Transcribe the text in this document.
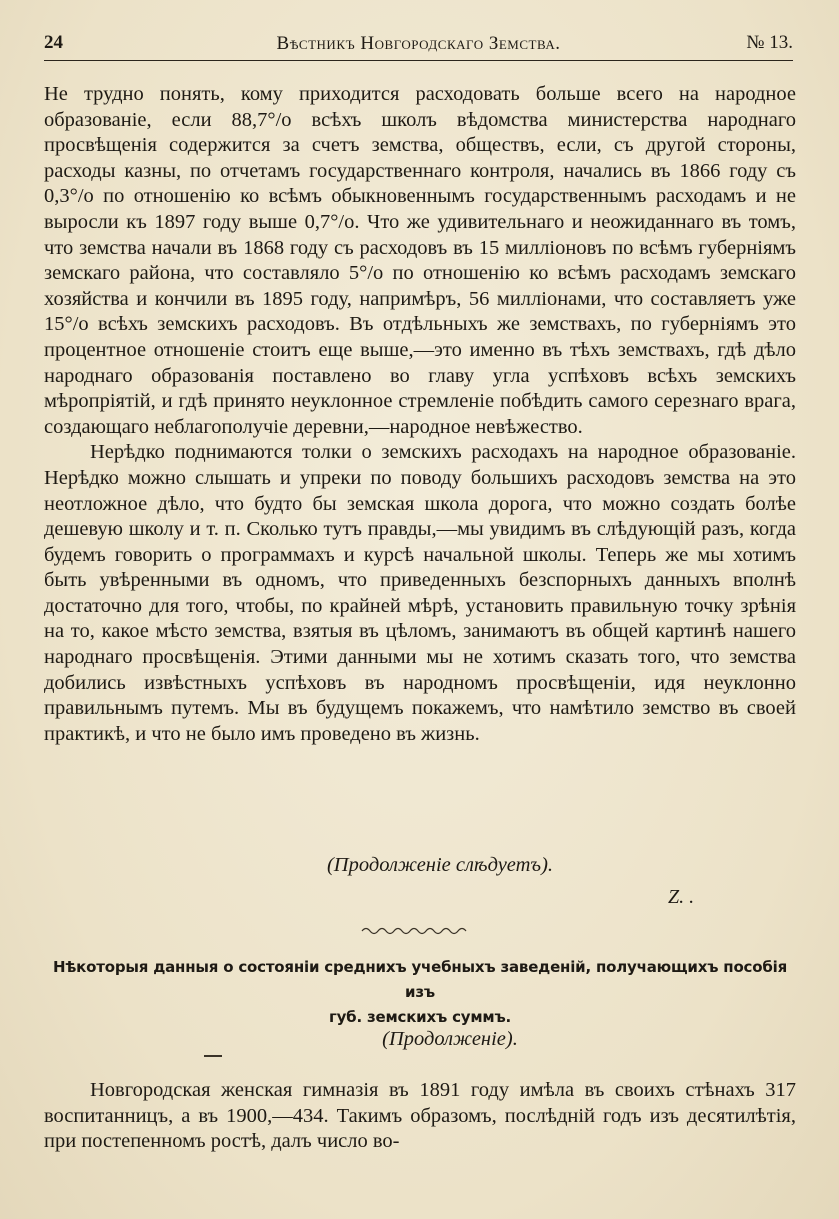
24	Вѣстникъ Новгородскаго Земства.	№ 13.

Не трудно понять, кому приходится расходовать больше всего на народное образованіе, если 88,7°/o всѣхъ школъ вѣдомства министерства народнаго просвѣщенія содержится за счетъ земства, обществъ, если, съ другой стороны, расходы казны, по отчетамъ государственнаго контроля, начались въ 1866 году съ 0,3°/o по отношенію ко всѣмъ обыкновеннымъ государственнымъ расходамъ и не выросли къ 1897 году выше 0,7°/o. Что же удивительнаго и неожиданнаго въ томъ, что земства начали въ 1868 году съ расходовъ въ 15 милліоновъ по всѣмъ губерніямъ земскаго района, что составляло 5°/o по отношенію ко всѣмъ расходамъ земскаго хозяйства и кончили въ 1895 году, напримѣръ, 56 милліонами, что составляетъ уже 15°/o всѣхъ земскихъ расходовъ. Въ отдѣльныхъ же земствахъ, по губерніямъ это процентное отношеніе стоитъ еще выше,—это именно въ тѣхъ земствахъ, гдѣ дѣло народнаго образованія поставлено во главу угла успѣховъ всѣхъ земскихъ мѣропріятій, и гдѣ принято неуклонное стремленіе побѣдить самого серезнаго врага, создающаго неблагополучіе деревни,—народное невѣжество.

Нерѣдко поднимаются толки о земскихъ расходахъ на народное образованіе. Нерѣдко можно слышать и упреки по поводу большихъ расходовъ земства на это неотложное дѣло, что будто бы земская школа дорога, что можно создать болѣе дешевую школу и т. п. Сколько тутъ правды,—мы увидимъ въ слѣдующій разъ, когда будемъ говорить о программахъ и курсѣ начальной школы. Теперь же мы хотимъ быть увѣренными въ одномъ, что приведенныхъ безспорныхъ данныхъ вполнѣ достаточно для того, чтобы, по крайней мѣрѣ, установить правильную точку зрѣнія на то, какое мѣсто земства, взятыя въ цѣломъ, занимаютъ въ общей картинѣ нашего народнаго просвѣщенія. Этими данными мы не хотимъ сказать того, что земства добились извѣстныхъ успѣховъ въ народномъ просвѣщеніи, идя неуклонно правильнымъ путемъ. Мы въ будущемъ покажемъ, что намѣтило земство въ своей практикѣ, и что не было имъ проведено въ жизнь.

(Продолженіе слѣдуетъ).
Z. .
Нѣкоторыя данныя о состояніи среднихъ учебныхъ заведеній, получающихъ пособія изъ
губ. земскихъ суммъ.
(Продолженіе).

Новгородская женская гимназія въ 1891 году имѣла въ своихъ стѣнахъ 317 воспитанницъ, а въ 1900,—434. Такимъ образомъ, послѣдній годъ изъ десятилѣтія, при постепенномъ ростѣ, далъ число во-
